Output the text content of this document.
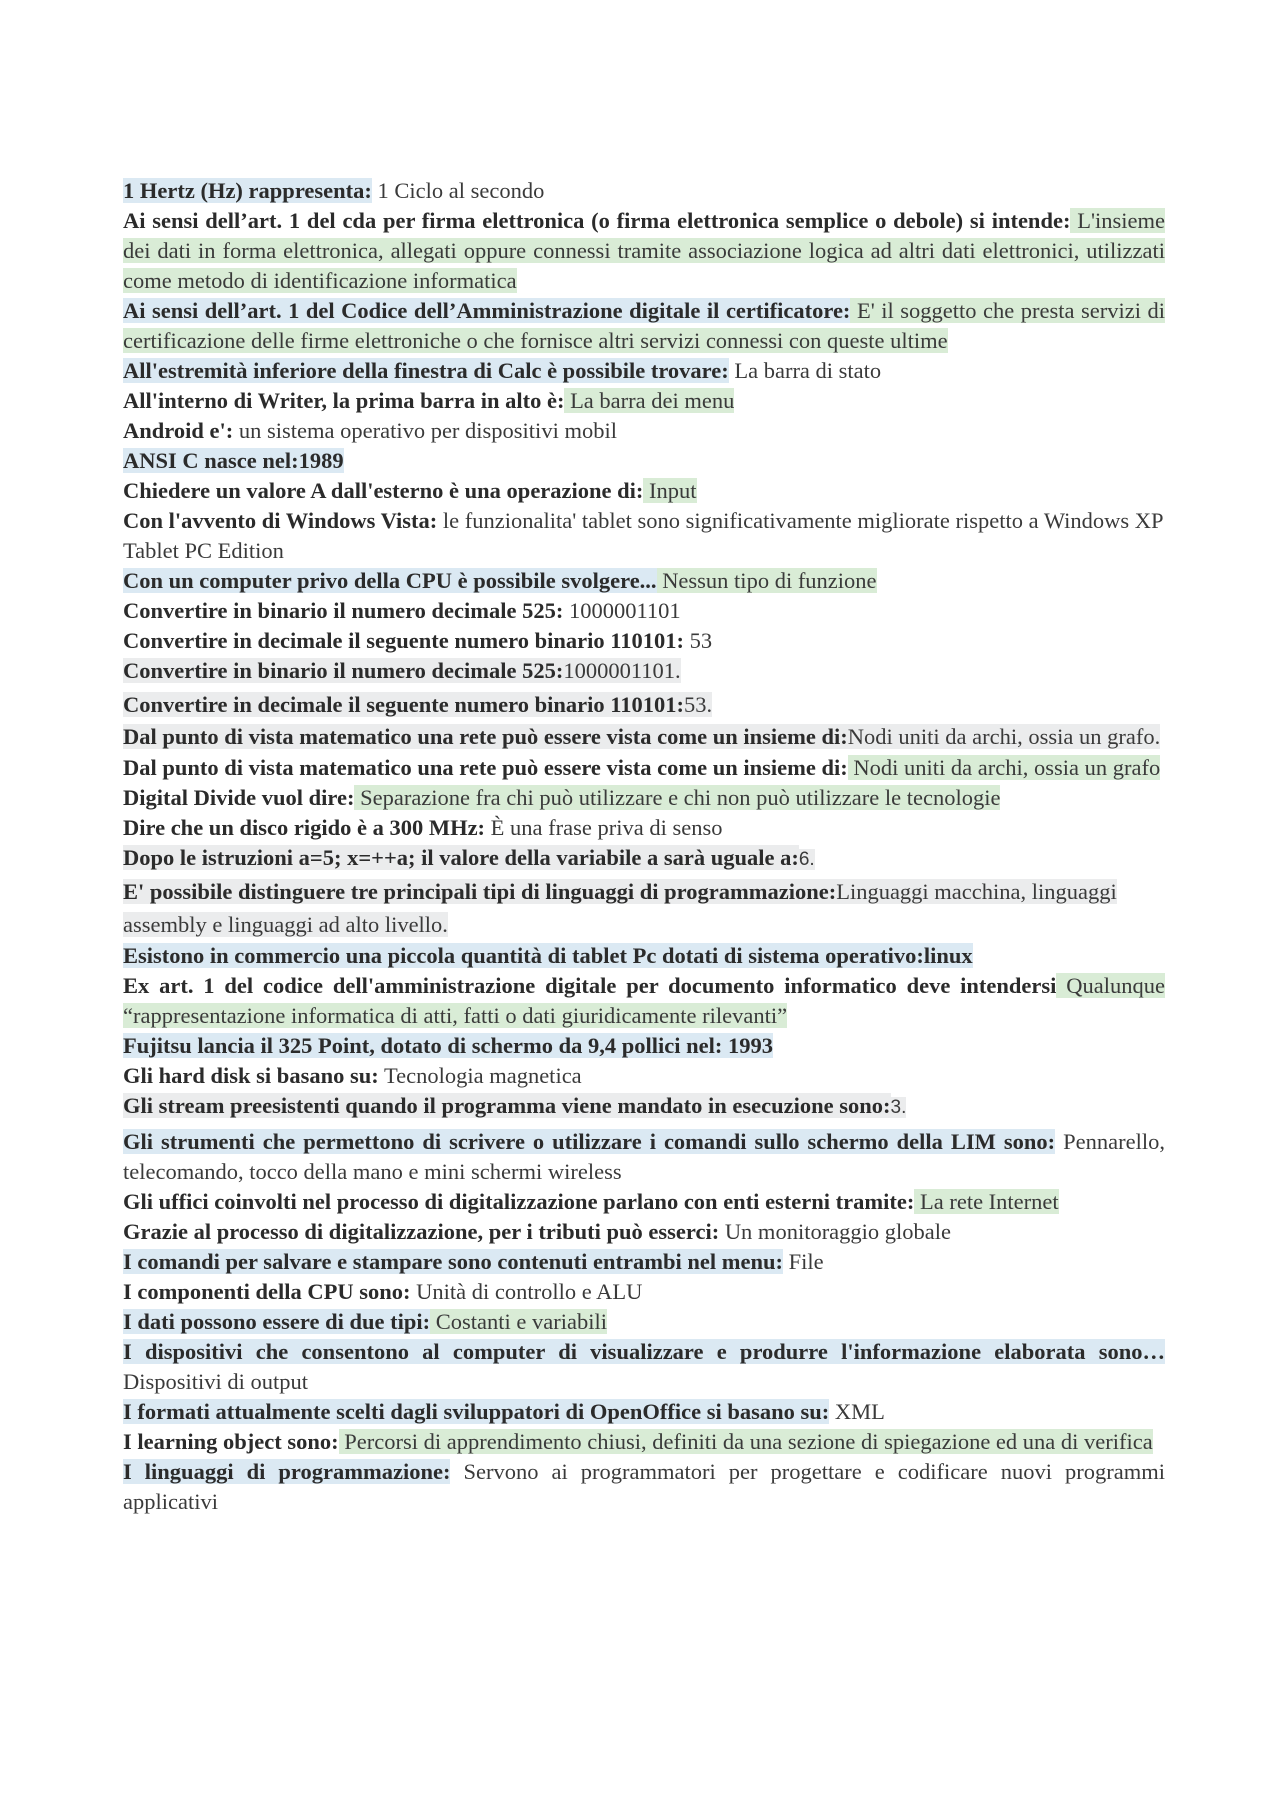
1 Hertz (Hz) rappresenta: 1 Ciclo al secondo
Ai sensi dell’art. 1 del cda per firma elettronica (o firma elettronica semplice o debole) si intende: L'insieme dei dati in forma elettronica, allegati oppure connessi tramite associazione logica ad altri dati elettronici, utilizzati come metodo di identificazione informatica
Ai sensi dell’art. 1 del Codice dell’Amministrazione digitale il certificatore: E' il soggetto che presta servizi di certificazione delle firme elettroniche o che fornisce altri servizi connessi con queste ultime
All'estremità inferiore della finestra di Calc è possibile trovare: La barra di stato
All'interno di Writer, la prima barra in alto è: La barra dei menu
Android e': un sistema operativo per dispositivi mobil
ANSI C nasce nel:1989
Chiedere un valore A dall'esterno è una operazione di: Input
Con l'avvento di Windows Vista: le funzionalita' tablet sono significativamente migliorate rispetto a Windows XP Tablet PC Edition
Con un computer privo della CPU è possibile svolgere... Nessun tipo di funzione
Convertire in binario il numero decimale 525: 1000001101
Convertire in decimale il seguente numero binario 110101: 53
Convertire in binario il numero decimale 525:1000001101.
Convertire in decimale il seguente numero binario 110101:53.
Dal punto di vista matematico una rete può essere vista come un insieme di:Nodi uniti da archi, ossia un grafo.
Dal punto di vista matematico una rete può essere vista come un insieme di: Nodi uniti da archi, ossia un grafo
Digital Divide vuol dire: Separazione fra chi può utilizzare e chi non può utilizzare le tecnologie
Dire che un disco rigido è a 300 MHz: È una frase priva di senso
Dopo le istruzioni a=5; x=++a; il valore della variabile a sarà uguale a:6.
E' possibile distinguere tre principali tipi di linguaggi di programmazione:Linguaggi macchina, linguaggi assembly e linguaggi ad alto livello.
Esistono in commercio una piccola quantità di tablet Pc dotati di sistema operativo:linux
Ex art. 1 del codice dell'amministrazione digitale per documento informatico deve intendersi Qualunque “rappresentazione informatica di atti, fatti o dati giuridicamente rilevanti”
Fujitsu lancia il 325 Point, dotato di schermo da 9,4 pollici nel: 1993
Gli hard disk si basano su: Tecnologia magnetica
Gli stream preesistenti quando il programma viene mandato in esecuzione sono:3.
Gli strumenti che permettono di scrivere o utilizzare i comandi sullo schermo della LIM sono: Pennarello, telecomando, tocco della mano e mini schermi wireless
Gli uffici coinvolti nel processo di digitalizzazione parlano con enti esterni tramite: La rete Internet
Grazie al processo di digitalizzazione, per i tributi può esserci: Un monitoraggio globale
I comandi per salvare e stampare sono contenuti entrambi nel menu: File
I componenti della CPU sono: Unità di controllo e ALU
I dati possono essere di due tipi: Costanti e variabili
I dispositivi che consentono al computer di visualizzare e produrre l'informazione elaborata sono…Dispositivi di output
I formati attualmente scelti dagli sviluppatori di OpenOffice si basano su: XML
I learning object sono: Percorsi di apprendimento chiusi, definiti da una sezione di spiegazione ed una di verifica
I linguaggi di programmazione: Servono ai programmatori per progettare e codificare nuovi programmi applicativi
